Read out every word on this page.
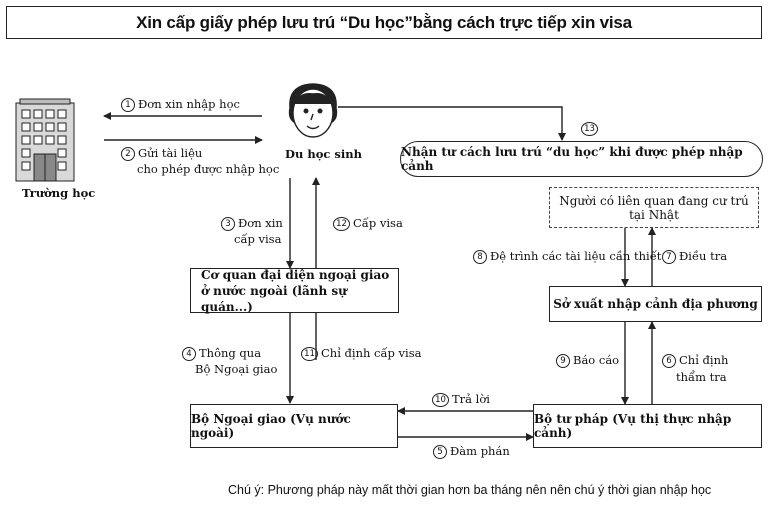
Xin cấp giấy phép lưu trú “Du học”bằng cách trực tiếp xin visa
Trường học
Du học sinh	Nhận tư cách lưu trú “du học” khi được phép nhập cảnh
Người có liên quan đang cư trú
tại Nhật
Sở xuất nhập cảnh địa phương
Cơ quan đại diện ngoại giao
ở nước ngoài (lãnh sự quán...)
Bộ Ngoại giao (Vụ nước ngoài)
Bộ tư pháp (Vụ thị thực nhập cảnh)
1 Đơn xin nhập học
2 Gửi tài liệu
cho phép được nhập học
3 Đơn xin
cấp visa
12 Cấp visa
4 Thông qua
Bộ Ngoại giao
11 Chỉ định cấp visa
10 Trả lời
5 Đàm phán
9 Báo cáo	6 Chỉ định
thẩm tra
8 Đệ trình các tài liệu cần thiết 7 Điều tra
13
Chú ý: Phương pháp này mất thời gian hơn ba tháng nên nên chú ý thời gian nhập học
